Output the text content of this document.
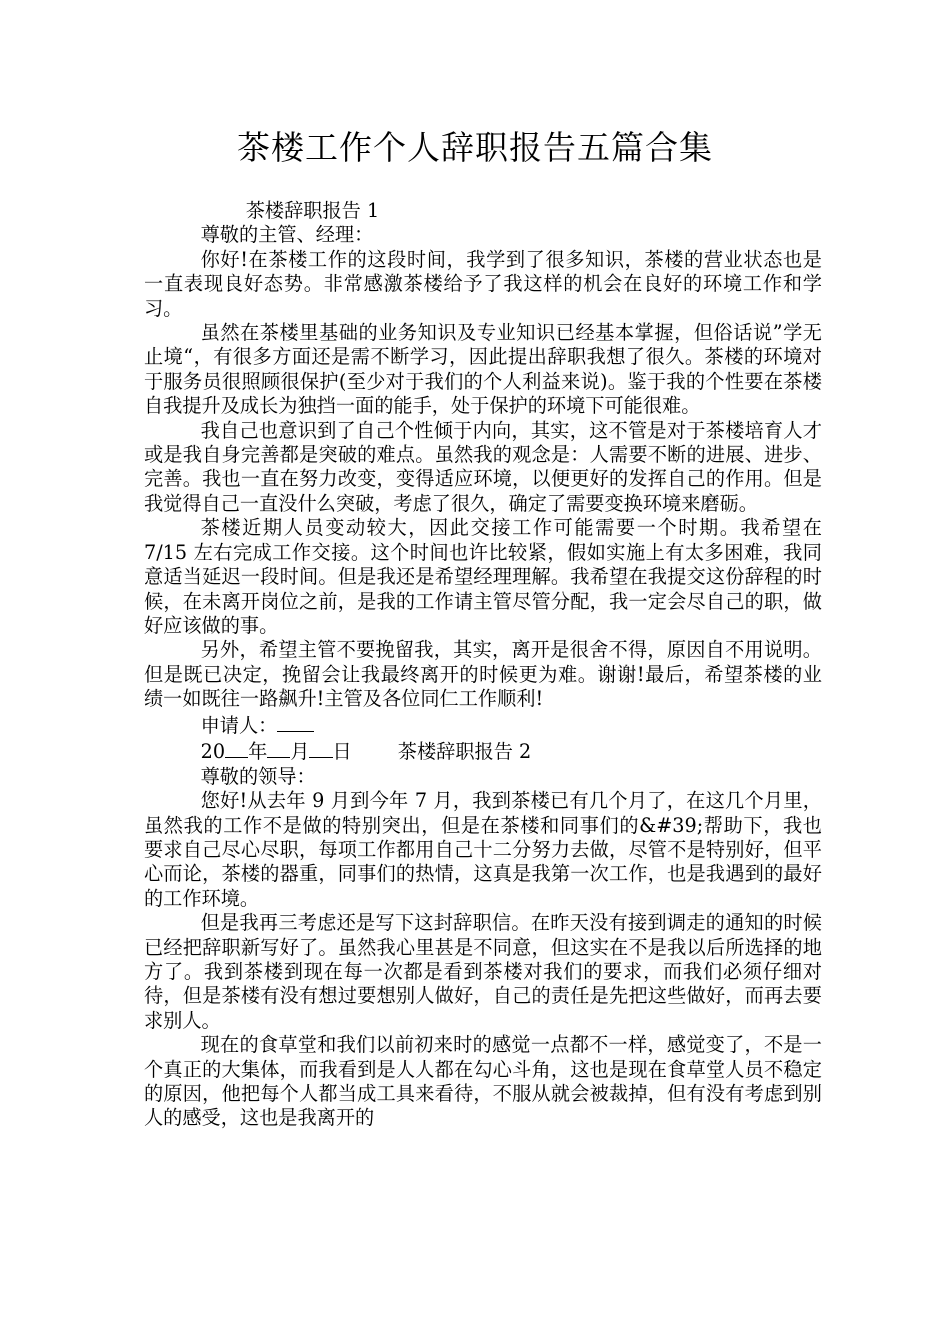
茶楼工作个人辞职报告五篇合集

茶楼辞职报告 1

尊敬的主管、经理：

你好!在茶楼工作的这段时间，我学到了很多知识，茶楼的营业状态也是一直表现良好态势。非常感激茶楼给予了我这样的机会在良好的环境工作和学习。

虽然在茶楼里基础的业务知识及专业知识已经基本掌握，但俗话说”学无止境“，有很多方面还是需不断学习，因此提出辞职我想了很久。茶楼的环境对于服务员很照顾很保护(至少对于我们的个人利益来说)。鉴于我的个性要在茶楼自我提升及成长为独挡一面的能手，处于保护的环境下可能很难。

我自己也意识到了自己个性倾于内向，其实，这不管是对于茶楼培育人才或是我自身完善都是突破的难点。虽然我的观念是：人需要不断的进展、进步、完善。我也一直在努力改变，变得适应环境，以便更好的发挥自己的作用。但是我觉得自己一直没什么突破，考虑了很久，确定了需要变换环境来磨砺。

茶楼近期人员变动较大，因此交接工作可能需要一个时期。我希望在 7/15 左右完成工作交接。这个时间也许比较紧，假如实施上有太多困难，我同意适当延迟一段时间。但是我还是希望经理理解。我希望在我提交这份辞程的时候，在未离开岗位之前，是我的工作请主管尽管分配，我一定会尽自己的职，做好应该做的事。

另外，希望主管不要挽留我，其实，离开是很舍不得，原因自不用说明。但是既已决定，挽留会让我最终离开的时候更为难。谢谢!最后，希望茶楼的业绩一如既往一路飙升!主管及各位同仁工作顺利!

申请人：

20 年 月 日 茶楼辞职报告 2

尊敬的领导：

您好!从去年 9 月到今年 7 月，我到茶楼已有几个月了，在这几个月里，虽然我的工作不是做的特别突出，但是在茶楼和同事们的&#39;帮助下，我也要求自己尽心尽职，每项工作都用自己十二分努力去做，尽管不是特别好，但平心而论，茶楼的器重，同事们的热情，这真是我第一次工作，也是我遇到的最好的工作环境。

但是我再三考虑还是写下这封辞职信。在昨天没有接到调走的通知的时候已经把辞职新写好了。虽然我心里甚是不同意，但这实在不是我以后所选择的地方了。我到茶楼到现在每一次都是看到茶楼对我们的要求，而我们必须仔细对待，但是茶楼有没有想过要想别人做好，自己的责任是先把这些做好，而再去要求别人。

现在的食草堂和我们以前初来时的感觉一点都不一样，感觉变了，不是一个真正的大集体，而我看到是人人都在勾心斗角，这也是现在食草堂人员不稳定的原因，他把每个人都当成工具来看待，不服从就会被裁掉，但有没有考虑到别人的感受，这也是我离开的
